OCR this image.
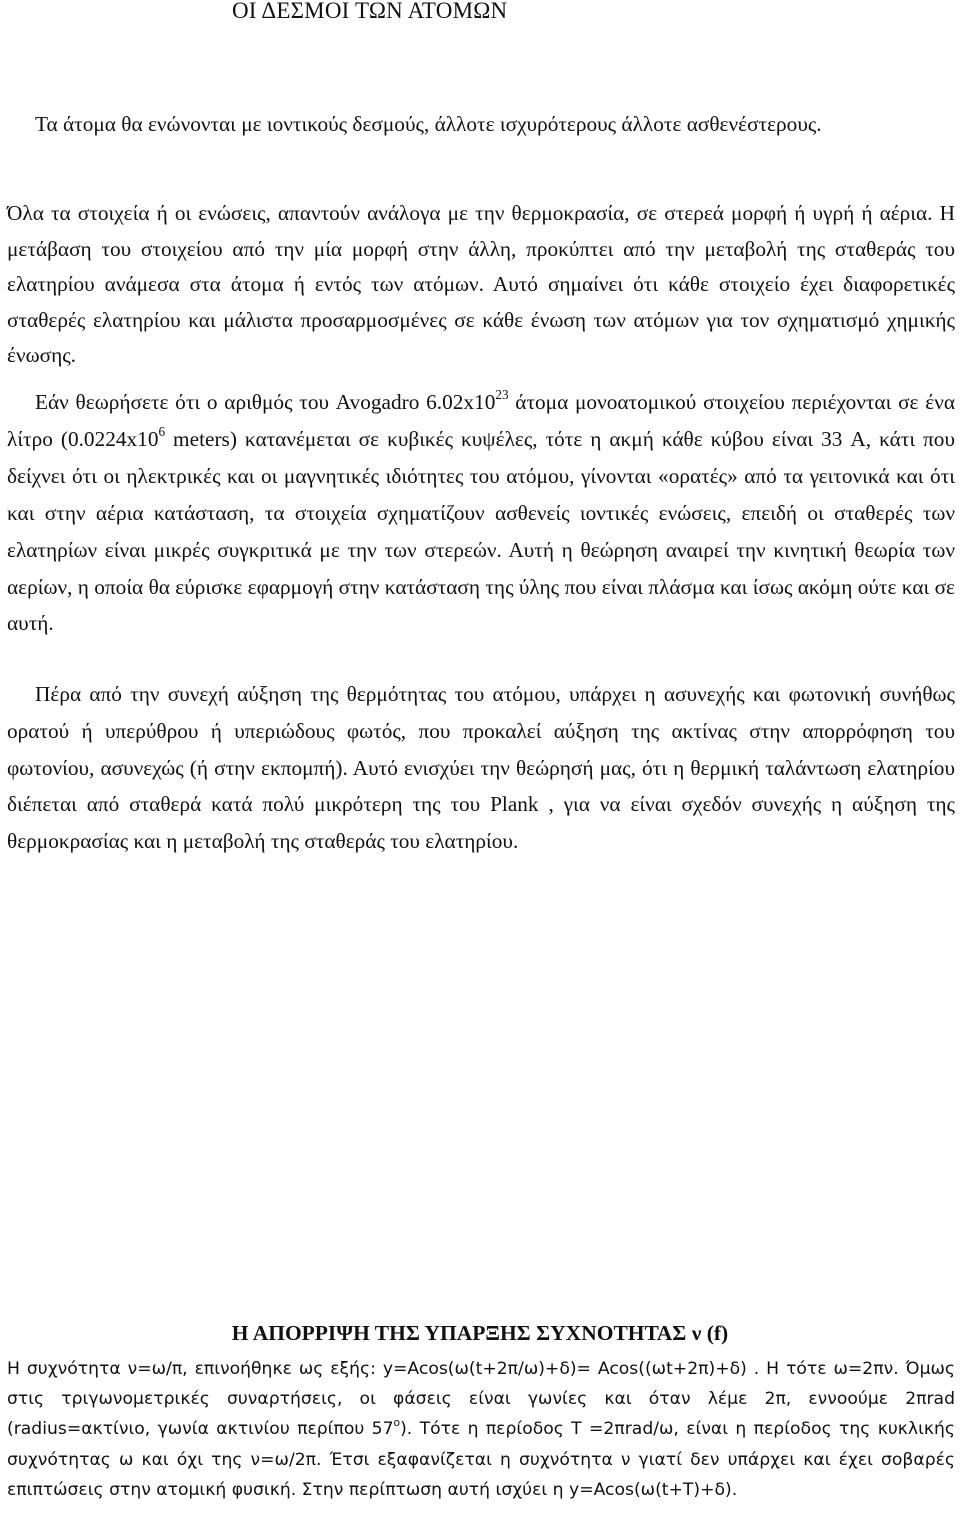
ΟΙ ΔΕΣΜΟΙ ΤΩΝ ΑΤΟΜΩΝ

Τα άτομα θα ενώνονται με ιοντικούς δεσμούς, άλλοτε ισχυρότερους άλλοτε ασθενέστερους.

Όλα τα στοιχεία ή οι ενώσεις, απαντούν ανάλογα με την θερμοκρασία, σε στερεά μορφή ή υγρή ή αέρια. Η μετάβαση του στοιχείου από την μία μορφή στην άλλη, προκύπτει από την μεταβολή της σταθεράς του ελατηρίου ανάμεσα στα άτομα ή εντός των ατόμων. Αυτό σημαίνει ότι κάθε στοιχείο έχει διαφορετικές σταθερές ελατηρίου και μάλιστα προσαρμοσμένες σε κάθε ένωση των ατόμων για τον σχηματισμό χημικής ένωσης.

Εάν θεωρήσετε ότι ο αριθμός του Avogadro $6.02x10^{23}$ άτομα μονοατομικού στοιχείου περιέχονται σε ένα λίτρο ($0.0224x10^6$ meters) κατανέμεται σε κυβικές κυψέλες, τότε η ακμή κάθε κύβου είναι 33 A, κάτι που δείχνει ότι οι ηλεκτρικές και οι μαγνητικές ιδιότητες του ατόμου, γίνονται «ορατές» από τα γειτονικά και ότι και στην αέρια κατάσταση, τα στοιχεία σχηματίζουν ασθενείς ιοντικές ενώσεις, επειδή οι σταθερές των ελατηρίων είναι μικρές συγκριτικά με την των στερεών. Αυτή η θεώρηση αναιρεί την κινητική θεωρία των αερίων, η οποία θα εύρισκε εφαρμογή στην κατάσταση της ύλης που είναι πλάσμα και ίσως ακόμη ούτε και σε αυτή.

Πέρα από την συνεχή αύξηση της θερμότητας του ατόμου, υπάρχει η ασυνεχής και φωτονική συνήθως ορατού ή υπερύθρου ή υπεριώδους φωτός, που προκαλεί αύξηση της ακτίνας στην απορρόφηση του φωτονίου, ασυνεχώς (ή στην εκπομπή). Αυτό ενισχύει την θεώρησή μας, ότι η θερμική ταλάντωση ελατηρίου διέπεται από σταθερά κατά πολύ μικρότερη της του Plank , για να είναι σχεδόν συνεχής η αύξηση της θερμοκρασίας και η μεταβολή της σταθεράς του ελατηρίου.

Η ΑΠΟΡΡΙΨΗ ΤΗΣ ΥΠΑΡΞΗΣ ΣΥΧΝΟΤΗΤΑΣ ν (f)

Η συχνότητα ν=ω/π, επινοήθηκε ως εξής: y=Acos(ω(t+2π/ω)+δ)= Acos((ωt+2π)+δ) . Η τότε ω=2πν. Όμως στις τριγωνομετρικές συναρτήσεις, οι φάσεις είναι γωνίες και όταν λέμε 2π, εννοούμε 2πrad (radius=ακτίνιο, γωνία ακτινίου περίπου $57^o$). Τότε η περίοδος Τ =2πrad/ω, είναι η περίοδος της κυκλικής συχνότητας ω και όχι της ν=ω/2π. Έτσι εξαφανίζεται η συχνότητα ν γιατί δεν υπάρχει και έχει σοβαρές επιπτώσεις στην ατομική φυσική. Στην περίπτωση αυτή ισχύει η y=Acos(ω(t+T)+δ).
